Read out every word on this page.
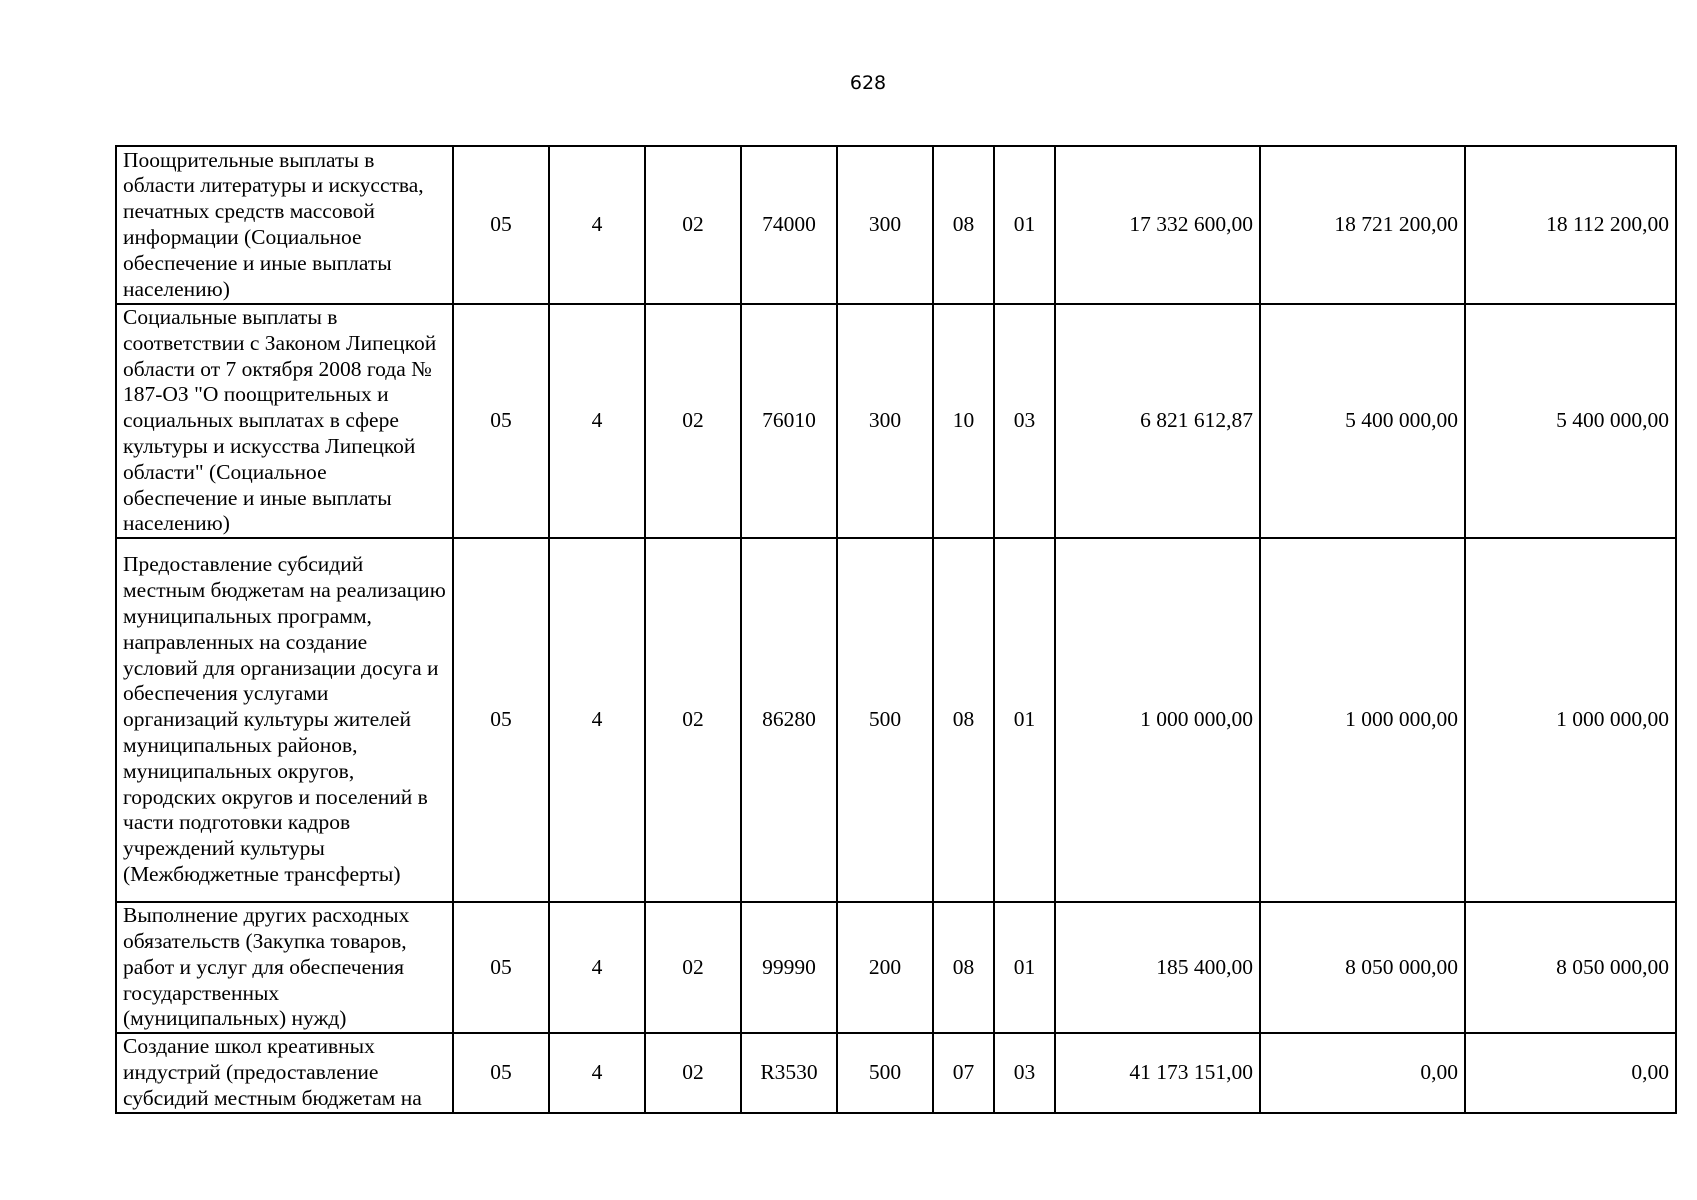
628
Поощрительные выплаты в области литературы и искусства, печатных средств массовой информации (Социальное обеспечение и иные выплаты населению)	05	4	02	74000	300	08	01	17 332 600,00	18 721 200,00	18 112 200,00
Социальные выплаты в соответствии с Законом Липецкой области от 7 октября 2008 года № 187-ОЗ "О поощрительных и социальных выплатах в сфере культуры и искусства Липецкой области" (Социальное обеспечение и иные выплаты населению)	05	4	02	76010	300	10	03	6 821 612,87	5 400 000,00	5 400 000,00
Предоставление субсидий местным бюджетам на реализацию муниципальных программ, направленных на создание условий для организации досуга и обеспечения услугами организаций культуры жителей муниципальных районов, муниципальных округов, городских округов и поселений в части подготовки кадров учреждений культуры (Межбюджетные трансферты)	05	4	02	86280	500	08	01	1 000 000,00	1 000 000,00	1 000 000,00
Выполнение других расходных обязательств (Закупка товаров, работ и услуг для обеспечения государственных (муниципальных) нужд)	05	4	02	99990	200	08	01	185 400,00	8 050 000,00	8 050 000,00
Создание школ креативных индустрий (предоставление субсидий местным бюджетам на	05	4	02	R3530	500	07	03	41 173 151,00	0,00	0,00
